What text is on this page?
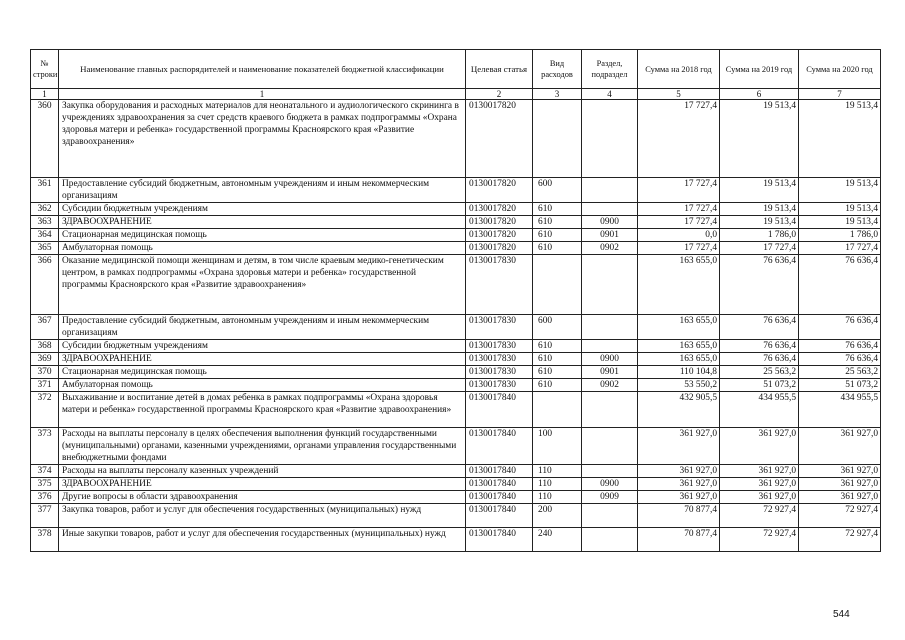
№ строки	Наименование главных распорядителей и наименование показателей бюджетной классификации	Целевая статья	Вид расходов	Раздел, подраздел	Сумма на 2018 год	Сумма на 2019 год	Сумма на 2020 год
1	1	2	3	4	5	6	7
360	Закупка оборудования и расходных материалов для неонатального и аудиологического скрининга в учреждениях здравоохранения за счет средств краевого бюджета в рамках подпрограммы «Охрана здоровья матери и ребенка» государственной программы Красноярского края «Развитие здравоохранения»	0130017820			17 727,4	19 513,4	19 513,4
361	Предоставление субсидий бюджетным, автономным учреждениям и иным некоммерческим организациям	0130017820	600		17 727,4	19 513,4	19 513,4
362	Субсидии бюджетным учреждениям	0130017820	610		17 727,4	19 513,4	19 513,4
363	ЗДРАВООХРАНЕНИЕ	0130017820	610	0900	17 727,4	19 513,4	19 513,4
364	Стационарная медицинская помощь	0130017820	610	0901	0,0	1 786,0	1 786,0
365	Амбулаторная помощь	0130017820	610	0902	17 727,4	17 727,4	17 727,4
366	Оказание медицинской помощи женщинам и детям, в том числе краевым медико-генетическим центром, в рамках подпрограммы «Охрана здоровья матери и ребенка» государственной программы Красноярского края «Развитие здравоохранения»	0130017830			163 655,0	76 636,4	76 636,4
367	Предоставление субсидий бюджетным, автономным учреждениям и иным некоммерческим организациям	0130017830	600		163 655,0	76 636,4	76 636,4
368	Субсидии бюджетным учреждениям	0130017830	610		163 655,0	76 636,4	76 636,4
369	ЗДРАВООХРАНЕНИЕ	0130017830	610	0900	163 655,0	76 636,4	76 636,4
370	Стационарная медицинская помощь	0130017830	610	0901	110 104,8	25 563,2	25 563,2
371	Амбулаторная помощь	0130017830	610	0902	53 550,2	51 073,2	51 073,2
372	Выхаживание и воспитание детей в домах ребенка в рамках подпрограммы «Охрана здоровья матери и ребенка» государственной программы Красноярского края «Развитие здравоохранения»	0130017840			432 905,5	434 955,5	434 955,5
373	Расходы на выплаты персоналу в целях обеспечения выполнения функций государственными (муниципальными) органами, казенными учреждениями, органами управления государственными внебюджетными фондами	0130017840	100		361 927,0	361 927,0	361 927,0
374	Расходы на выплаты персоналу казенных учреждений	0130017840	110		361 927,0	361 927,0	361 927,0
375	ЗДРАВООХРАНЕНИЕ	0130017840	110	0900	361 927,0	361 927,0	361 927,0
376	Другие вопросы в области здравоохранения	0130017840	110	0909	361 927,0	361 927,0	361 927,0
377	Закупка товаров, работ и услуг для обеспечения государственных (муниципальных) нужд	0130017840	200		70 877,4	72 927,4	72 927,4
378	Иные закупки товаров, работ и услуг для обеспечения государственных (муниципальных) нужд	0130017840	240		70 877,4	72 927,4	72 927,4
544
